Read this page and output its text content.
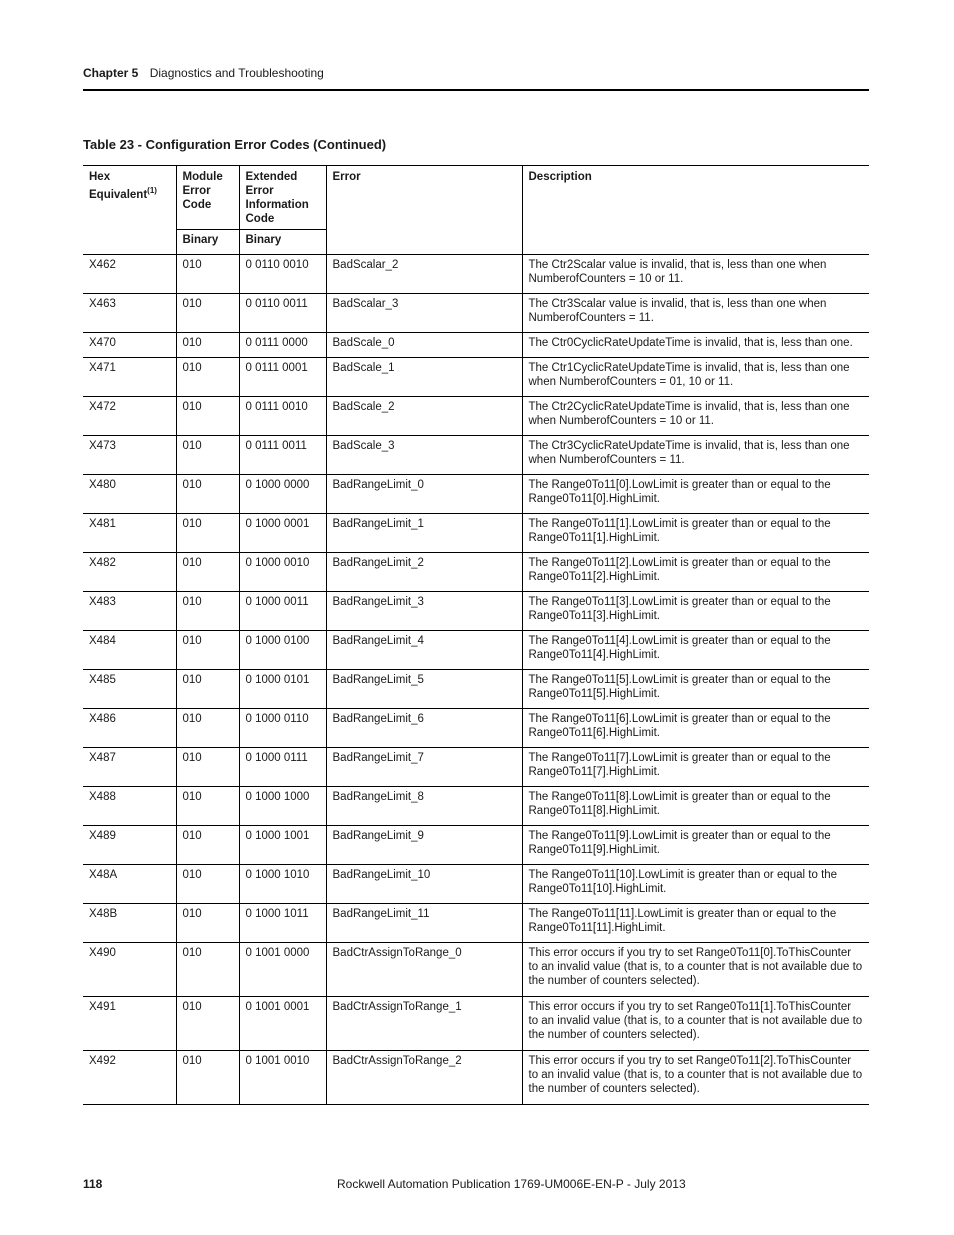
Chapter 5 Diagnostics and Troubleshooting
Table 23 - Configuration Error Codes (Continued)
Hex Equivalent$^{(1)}$	Module Error Code	Extended Error Information Code	Error	Description
	Binary	Binary		
X462	010	0 0110 0010	BadScalar_2	The Ctr2Scalar value is invalid, that is, less than one when NumberofCounters = 10 or 11.
X463	010	0 0110 0011	BadScalar_3	The Ctr3Scalar value is invalid, that is, less than one when NumberofCounters = 11.
X470	010	0 0111 0000	BadScale_0	The Ctr0CyclicRateUpdateTime is invalid, that is, less than one.
X471	010	0 0111 0001	BadScale_1	The Ctr1CyclicRateUpdateTime is invalid, that is, less than one when NumberofCounters = 01, 10 or 11.
X472	010	0 0111 0010	BadScale_2	The Ctr2CyclicRateUpdateTime is invalid, that is, less than one when NumberofCounters = 10 or 11.
X473	010	0 0111 0011	BadScale_3	The Ctr3CyclicRateUpdateTime is invalid, that is, less than one when NumberofCounters = 11.
X480	010	0 1000 0000	BadRangeLimit_0	The Range0To11[0].LowLimit is greater than or equal to the Range0To11[0].HighLimit.
X481	010	0 1000 0001	BadRangeLimit_1	The Range0To11[1].LowLimit is greater than or equal to the Range0To11[1].HighLimit.
X482	010	0 1000 0010	BadRangeLimit_2	The Range0To11[2].LowLimit is greater than or equal to the Range0To11[2].HighLimit.
X483	010	0 1000 0011	BadRangeLimit_3	The Range0To11[3].LowLimit is greater than or equal to the Range0To11[3].HighLimit.
X484	010	0 1000 0100	BadRangeLimit_4	The Range0To11[4].LowLimit is greater than or equal to the Range0To11[4].HighLimit.
X485	010	0 1000 0101	BadRangeLimit_5	The Range0To11[5].LowLimit is greater than or equal to the Range0To11[5].HighLimit.
X486	010	0 1000 0110	BadRangeLimit_6	The Range0To11[6].LowLimit is greater than or equal to the Range0To11[6].HighLimit.
X487	010	0 1000 0111	BadRangeLimit_7	The Range0To11[7].LowLimit is greater than or equal to the Range0To11[7].HighLimit.
X488	010	0 1000 1000	BadRangeLimit_8	The Range0To11[8].LowLimit is greater than or equal to the Range0To11[8].HighLimit.
X489	010	0 1000 1001	BadRangeLimit_9	The Range0To11[9].LowLimit is greater than or equal to the Range0To11[9].HighLimit.
X48A	010	0 1000 1010	BadRangeLimit_10	The Range0To11[10].LowLimit is greater than or equal to the Range0To11[10].HighLimit.
X48B	010	0 1000 1011	BadRangeLimit_11	The Range0To11[11].LowLimit is greater than or equal to the Range0To11[11].HighLimit.
X490	010	0 1001 0000	BadCtrAssignToRange_0	This error occurs if you try to set Range0To11[0].ToThisCounter to an invalid value (that is, to a counter that is not available due to the number of counters selected).
X491	010	0 1001 0001	BadCtrAssignToRange_1	This error occurs if you try to set Range0To11[1].ToThisCounter to an invalid value (that is, to a counter that is not available due to the number of counters selected).
X492	010	0 1001 0010	BadCtrAssignToRange_2	This error occurs if you try to set Range0To11[2].ToThisCounter to an invalid value (that is, to a counter that is not available due to the number of counters selected).
118	Rockwell Automation Publication 1769-UM006E-EN-P - July 2013
